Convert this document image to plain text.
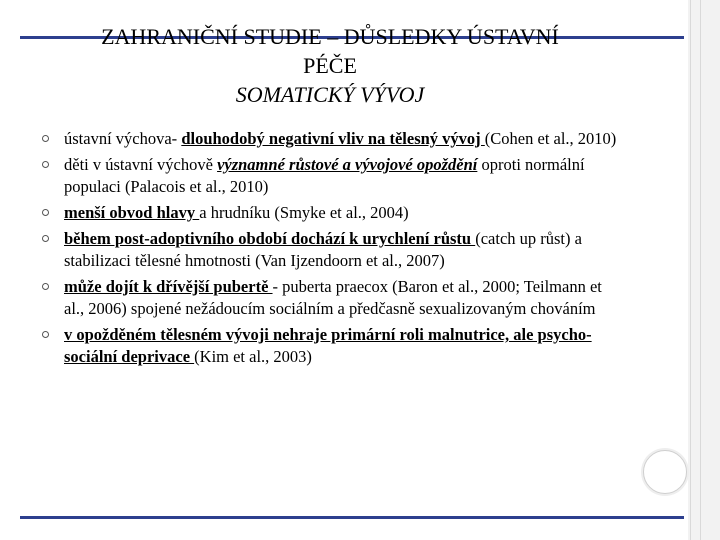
ZAHRANIČNÍ STUDIE – DŮSLEDKY ÚSTAVNÍ
PÉČE
SOMATICKÝ VÝVOJ
ústavní výchova- dlouhodobý negativní vliv na tělesný vývoj (Cohen et al., 2010)
děti v ústavní výchově významné růstové a vývojové opoždění oproti normální populaci (Palacois et al., 2010)
menší obvod hlavy a hrudníku (Smyke et al., 2004)
během post-adoptivního období dochází k urychlení růstu (catch up růst) a stabilizaci tělesné hmotnosti (Van Ijzendoorn et al., 2007)
může dojít k dřívější pubertě - puberta praecox (Baron et al., 2000; Teilmann et al., 2006) spojené nežádoucím sociálním a předčasně sexualizovaným chováním
v opožděném tělesném vývoji nehraje primární roli malnutrice, ale psycho-sociální deprivace (Kim et al., 2003)
